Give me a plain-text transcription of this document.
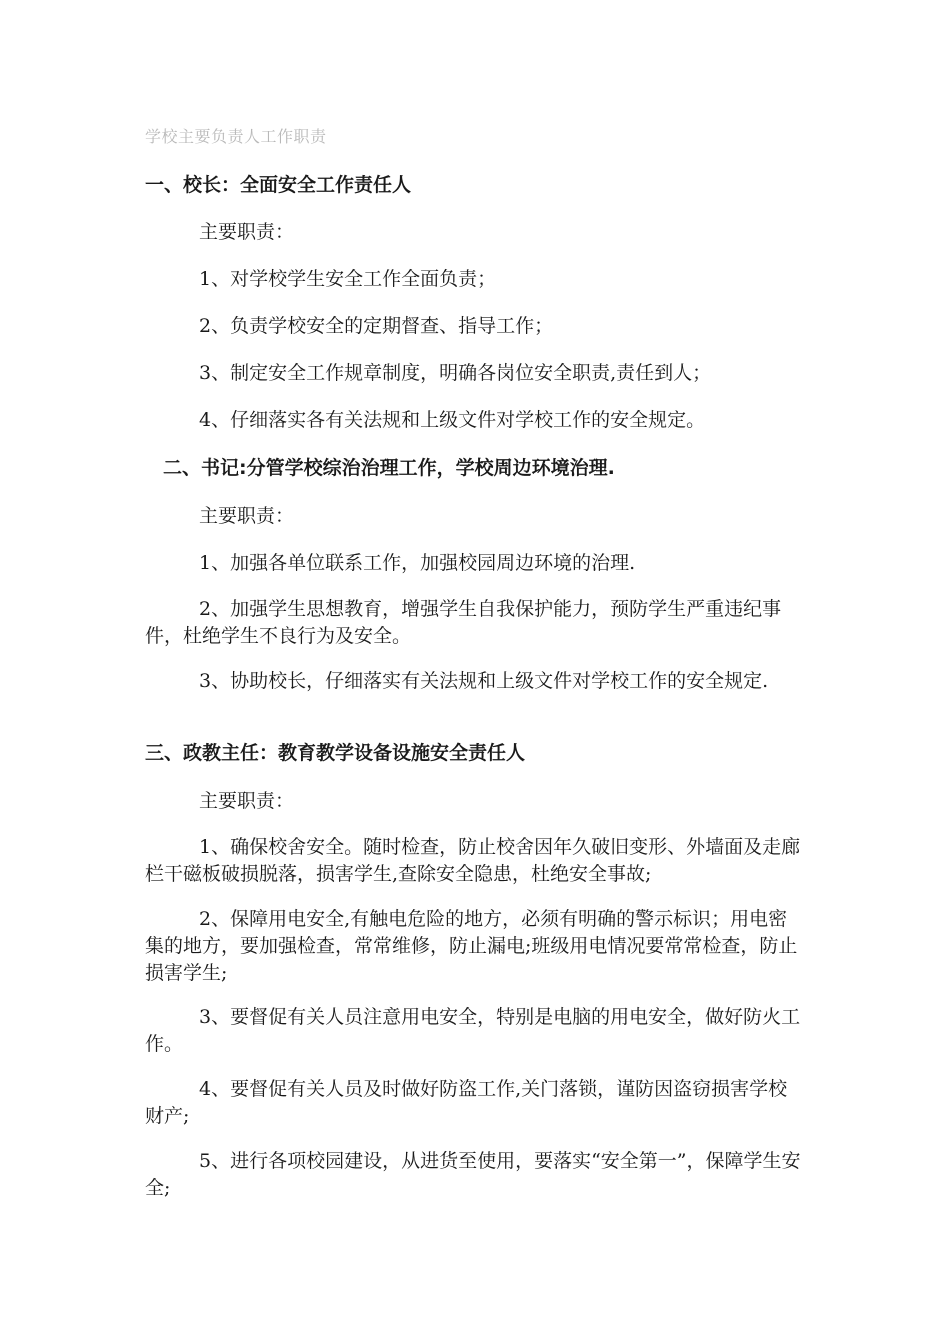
学校主要负责人工作职责

一、校长：全面安全工作责任人

主要职责：

1、对学校学生安全工作全面负责；

2、负责学校安全的定期督查、指导工作；

3、制定安全工作规章制度，明确各岗位安全职责,责任到人；

4、仔细落实各有关法规和上级文件对学校工作的安全规定。

二、书记:分管学校综治治理工作，学校周边环境治理.

主要职责：

1、加强各单位联系工作，加强校园周边环境的治理.

2、加强学生思想教育，增强学生自我保护能力，预防学生严重违纪事件，杜绝学生不良行为及安全。

3、协助校长，仔细落实有关法规和上级文件对学校工作的安全规定.

三、政教主任：教育教学设备设施安全责任人

主要职责：

1、确保校舍安全。随时检查，防止校舍因年久破旧变形、外墙面及走廊栏干磁板破损脱落，损害学生,查除安全隐患，杜绝安全事故;

2、保障用电安全,有触电危险的地方，必须有明确的警示标识；用电密集的地方，要加强检查，常常维修，防止漏电;班级用电情况要常常检查，防止损害学生;

3、要督促有关人员注意用电安全，特别是电脑的用电安全，做好防火工作。

4、要督促有关人员及时做好防盗工作,关门落锁，谨防因盗窃损害学校财产;

5、进行各项校园建设，从进货至使用，要落实“安全第一”，保障学生安全;
